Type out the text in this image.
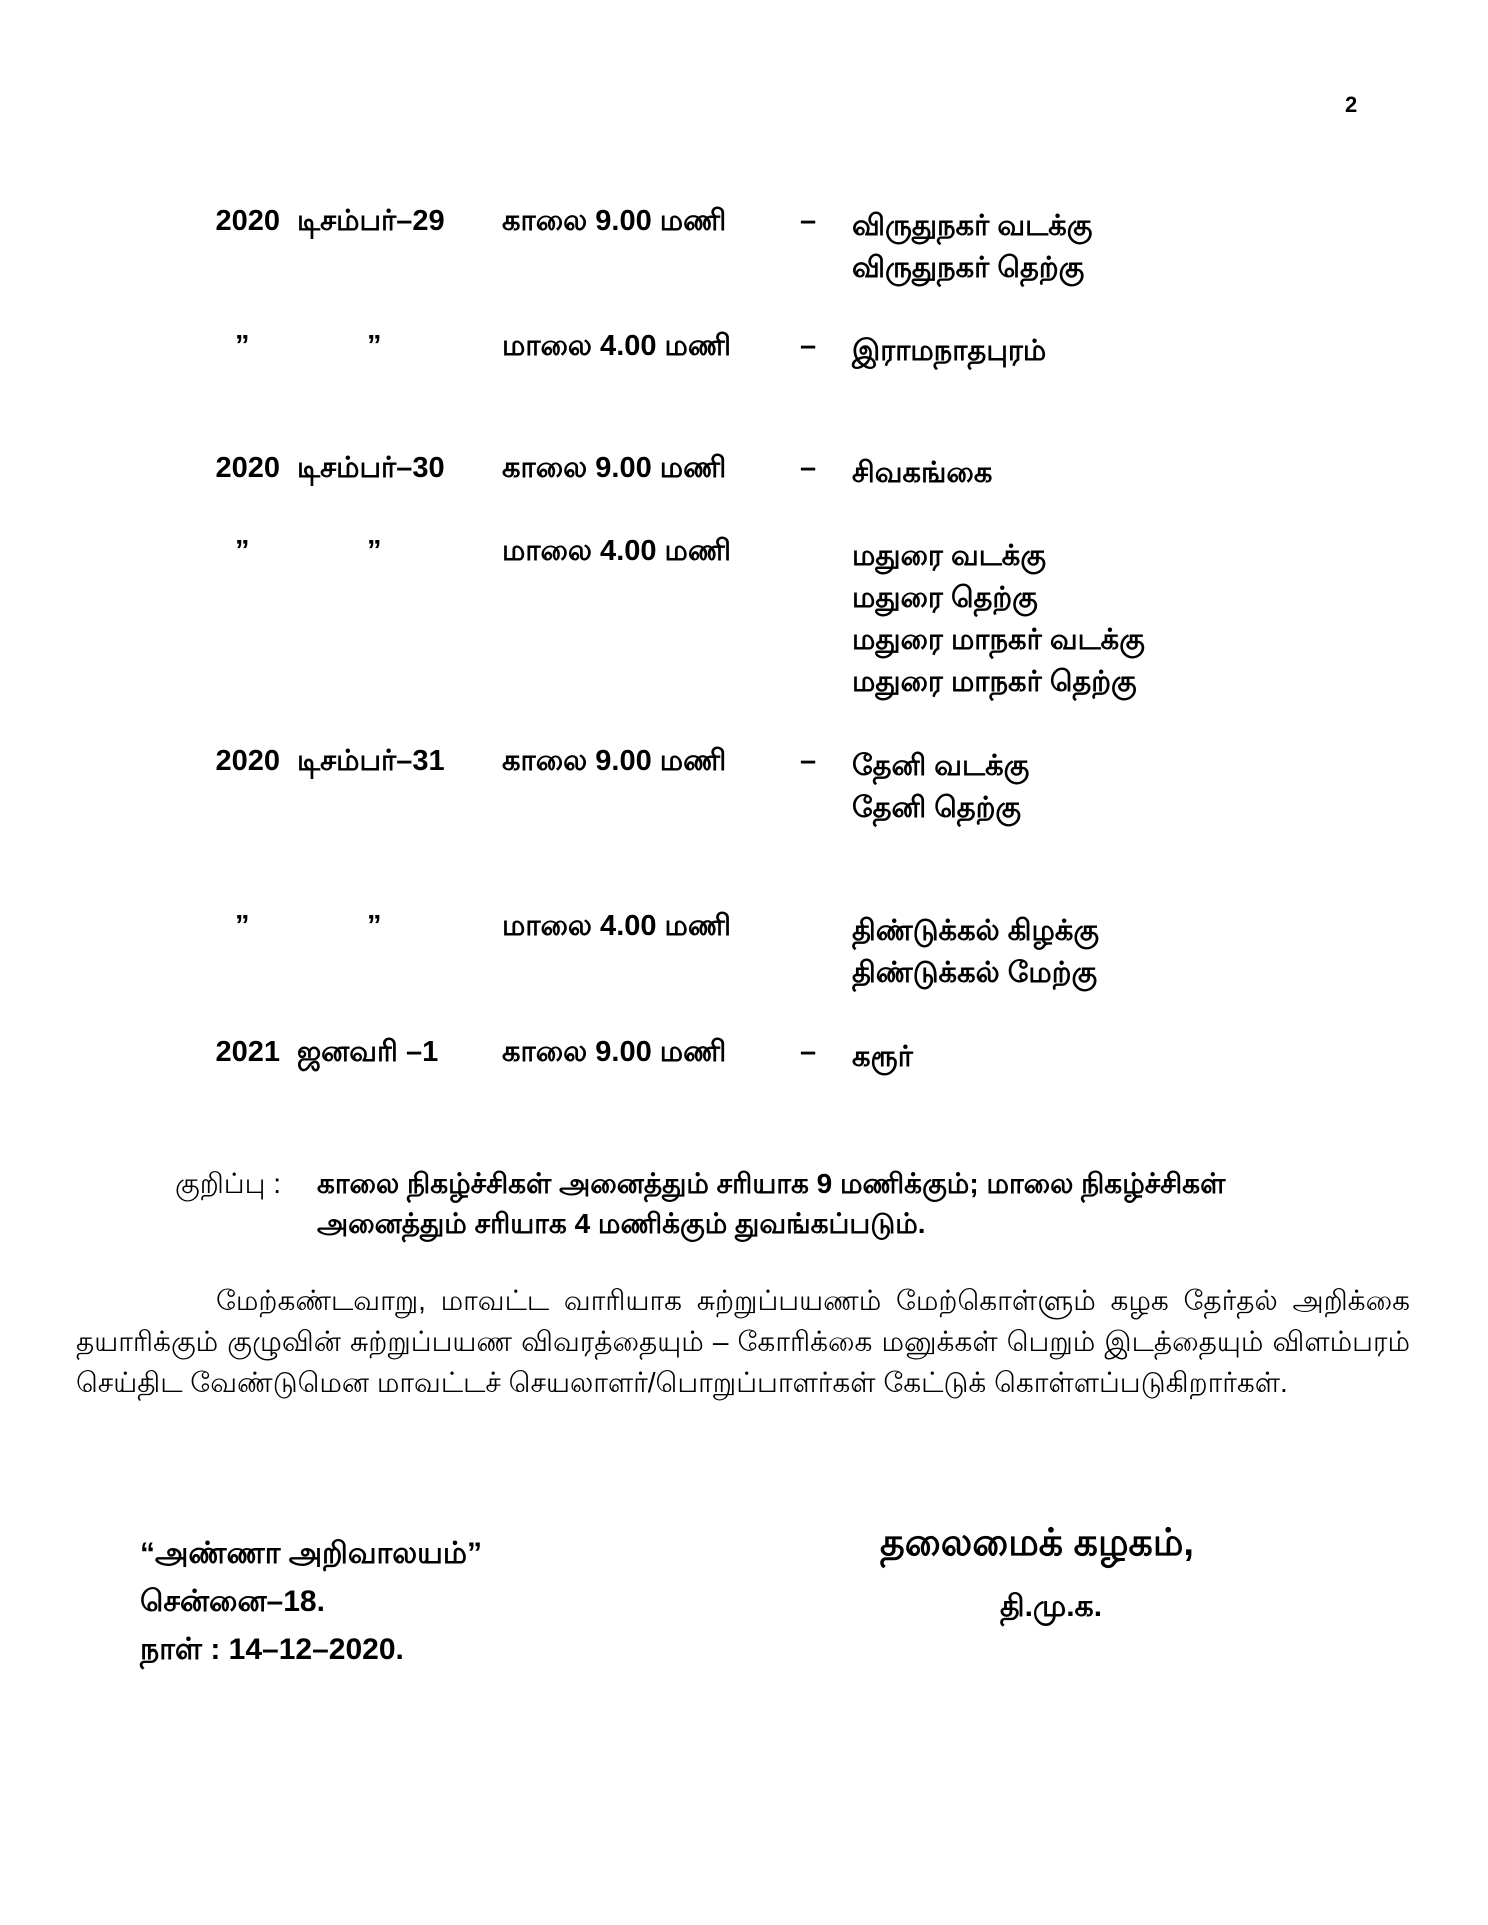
2
2020 டிசம்பர்–29 காலை 9.00 மணி	– விருதுநகர் வடக்கு
விருதுநகர் தெற்கு
”	”	மாலை 4.00 மணி – இராமநாதபுரம்
2020 டிசம்பர்–30 காலை 9.00 மணி	– சிவகங்கை
”	”	மாலை 4.00 மணி	மதுரை வடக்கு
மதுரை தெற்கு
மதுரை மாநகர் வடக்கு
மதுரை மாநகர் தெற்கு
2020 டிசம்பர்–31 காலை 9.00 மணி	– தேனி வடக்கு
தேனி தெற்கு
”	”	மாலை 4.00 மணி	திண்டுக்கல் கிழக்கு
திண்டுக்கல் மேற்கு
2021 ஜனவரி –1 காலை 9.00 மணி	– கரூர்
குறிப்பு : காலை நிகழ்ச்சிகள் அனைத்தும் சரியாக 9 மணிக்கும்; மாலை நிகழ்ச்சிகள் அனைத்தும் சரியாக 4 மணிக்கும் துவங்கப்படும்.
மேற்கண்டவாறு, மாவட்ட வாரியாக சுற்றுப்பயணம் மேற்கொள்ளும் கழக தேர்தல் அறிக்கை தயாரிக்கும் குழுவின் சுற்றுப்பயண விவரத்தையும் – கோரிக்கை மனுக்கள் பெறும் இடத்தையும் விளம்பரம் செய்திட வேண்டுமென மாவட்டச் செயலாளர்/பொறுப்பாளர்கள் கேட்டுக் கொள்ளப்படுகிறார்கள்.
“அண்ணா அறிவாலயம்”
சென்னை–18.
நாள் : 14–12–2020.
தலைமைக் கழகம்,
தி.மு.க.
